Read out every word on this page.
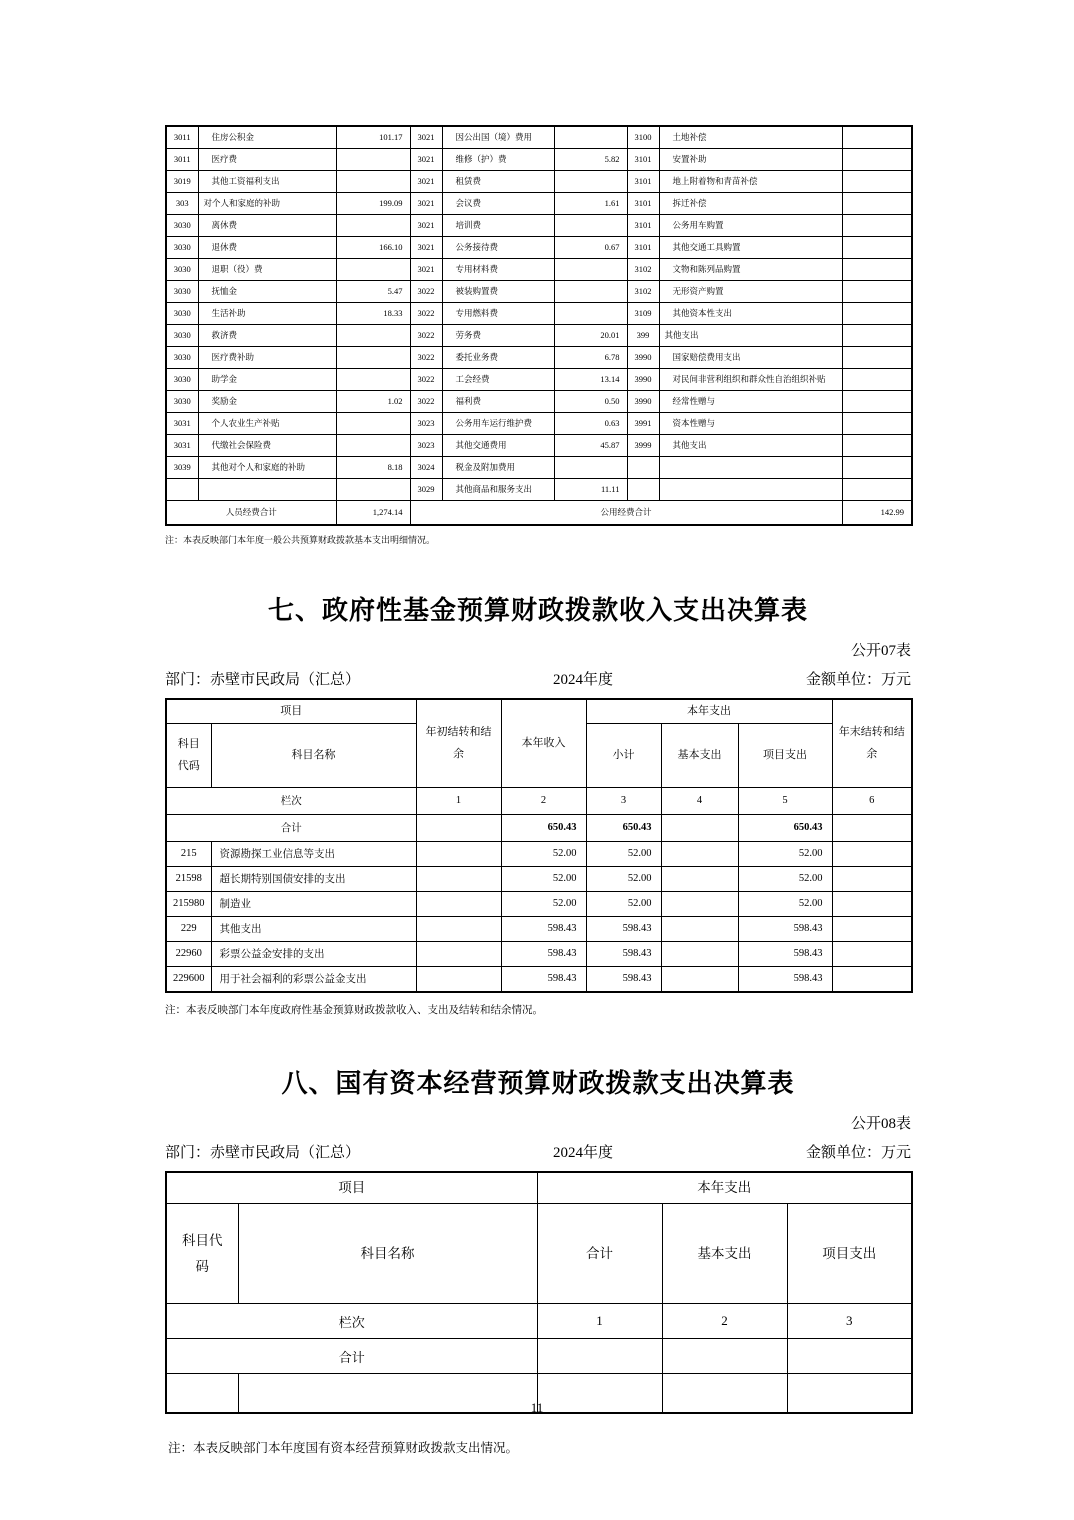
3011	住房公积金	101.17	3021	因公出国（境）费用		3100	土地补偿	
3011	医疗费		3021	维修（护）费	5.82	3101	安置补助	
3019	其他工资福利支出		3021	租赁费		3101	地上附着物和青苗补偿	
303	对个人和家庭的补助	199.09	3021	会议费	1.61	3101	拆迁补偿	
3030	离休费		3021	培训费		3101	公务用车购置	
3030	退休费	166.10	3021	公务接待费	0.67	3101	其他交通工具购置	
3030	退职（役）费		3021	专用材料费		3102	文物和陈列品购置	
3030	抚恤金	5.47	3022	被装购置费		3102	无形资产购置	
3030	生活补助	18.33	3022	专用燃料费		3109	其他资本性支出	
3030	救济费		3022	劳务费	20.01	399	其他支出	
3030	医疗费补助		3022	委托业务费	6.78	3990	国家赔偿费用支出	
3030	助学金		3022	工会经费	13.14	3990	对民间非营利组织和群众性自治组织补贴	
3030	奖励金	1.02	3022	福利费	0.50	3990	经常性赠与	
3031	个人农业生产补贴		3023	公务用车运行维护费	0.63	3991	资本性赠与	
3031	代缴社会保险费		3023	其他交通费用	45.87	3999	其他支出	
3039	其他对个人和家庭的补助	8.18	3024	税金及附加费用				
			3029	其他商品和服务支出	11.11			
人员经费合计		1,274.14	公用经费合计					142.99
注：本表反映部门本年度一般公共预算财政拨款基本支出明细情况。
七、政府性基金预算财政拨款收入支出决算表
公开07表
部门：赤壁市民政局（汇总）	2024年度	金额单位：万元
项目		年初结转和结余	本年收入	本年支出			年末结转和结余
科目代码	科目名称			小计	基本支出	项目支出	
栏次		1	2	3	4	5	6
合计			650.43	650.43		650.43	
215	资源勘探工业信息等支出		52.00	52.00		52.00	
21598	超长期特别国债安排的支出		52.00	52.00		52.00	
215980	制造业		52.00	52.00		52.00	
229	其他支出		598.43	598.43		598.43	
22960	彩票公益金安排的支出		598.43	598.43		598.43	
229600	用于社会福利的彩票公益金支出		598.43	598.43		598.43	
注：本表反映部门本年度政府性基金预算财政拨款收入、支出及结转和结余情况。
八、国有资本经营预算财政拨款支出决算表
公开08表
部门：赤壁市民政局（汇总）	2024年度	金额单位：万元
项目		本年支出		
科目代码	科目名称	合计	基本支出	项目支出
栏次		1	2	3
合计				

注：本表反映部门本年度国有资本经营预算财政拨款支出情况。
11
